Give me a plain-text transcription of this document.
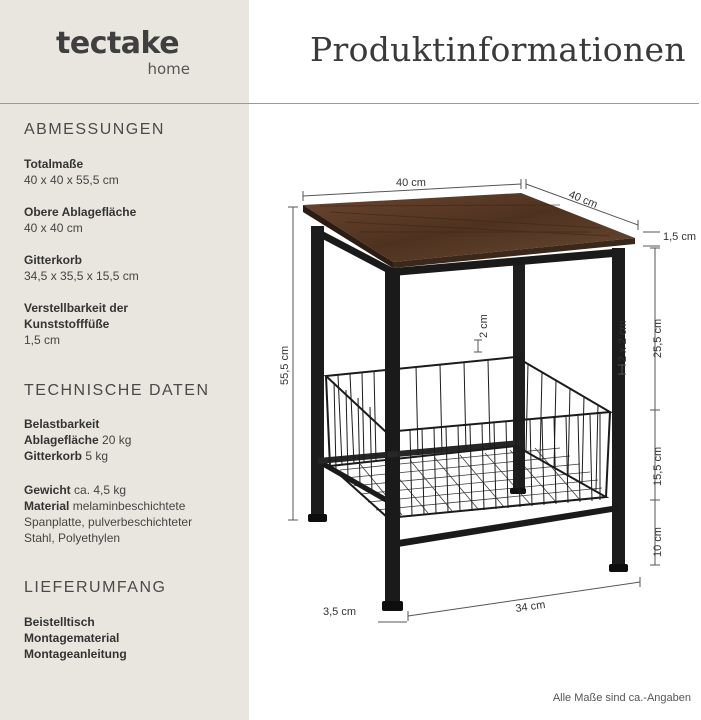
tectake
home	Produktinformationen
ABMESSUNGEN
Totalmaße
40 x 40 x 55,5 cm
Obere Ablagefläche
40 x 40 cm
Gitterkorb
34,5 x 35,5 x 15,5 cm
Verstellbarkeit der Kunststofffüße
1,5 cm
TECHNISCHE DATEN
Belastbarkeit
Ablagefläche 20 kg
Gitterkorb 5 kg
Gewicht ca. 4,5 kg
Material melaminbeschichtete Spanplatte, pulverbeschichteter Stahl, Polyethylen
LIEFERUMFANG
Beistelltisch
Montagematerial
Montageanleitung
40 cm
40 cm
1,5 cm
55,5 cm
25,5 cm
15,5 cm
10 cm
2 cm	2 x 2 cm
3,5 cm	34 cm
Alle Maße sind ca.-Angaben
